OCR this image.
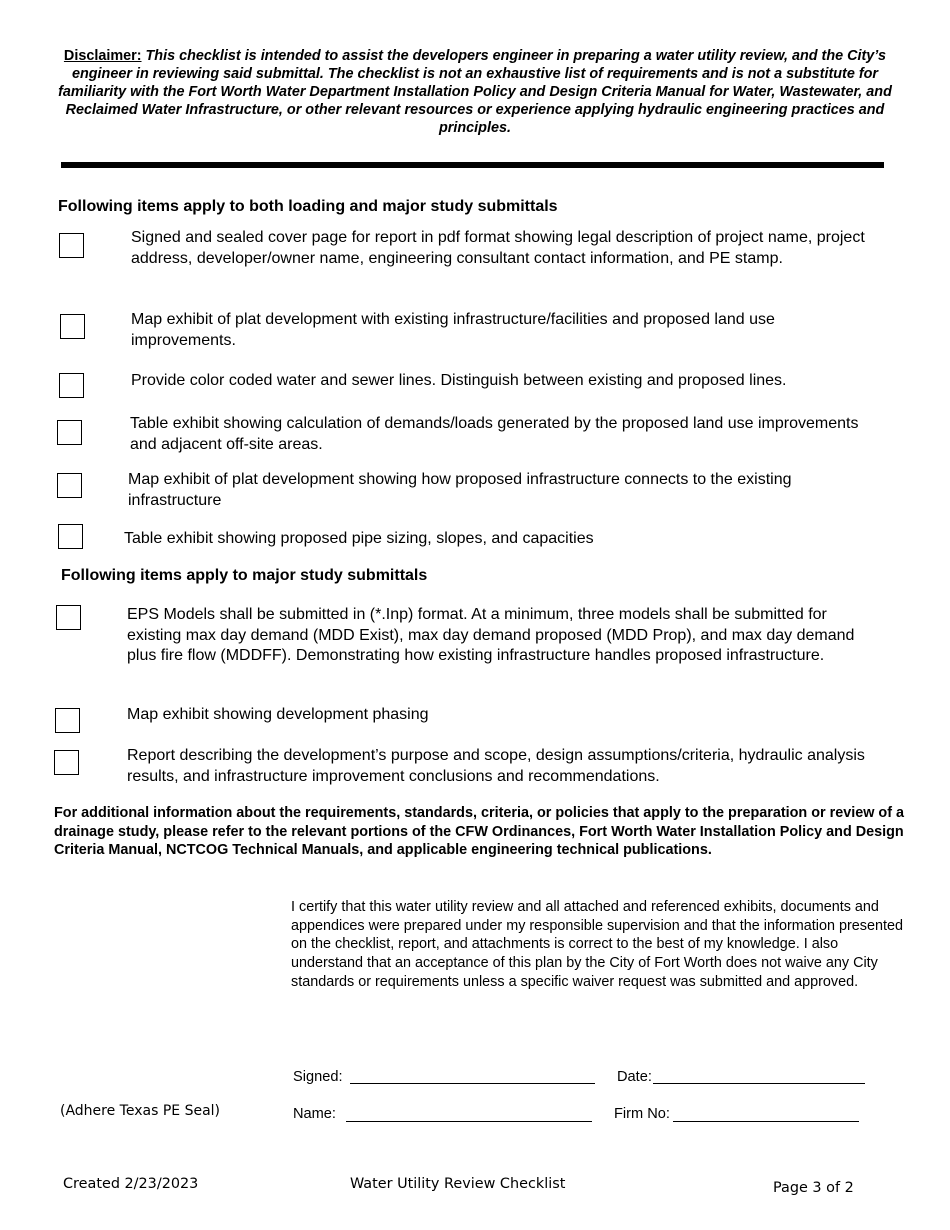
Disclaimer: This checklist is intended to assist the developers engineer in preparing a water utility review, and the City’s engineer in reviewing said submittal. The checklist is not an exhaustive list of requirements and is not a substitute for familiarity with the Fort Worth Water Department Installation Policy and Design Criteria Manual for Water, Wastewater, and Reclaimed Water Infrastructure, or other relevant resources or experience applying hydraulic engineering practices and principles.
Following items apply to both loading and major study submittals
Signed and sealed cover page for report in pdf format showing legal description of project name, project address, developer/owner name, engineering consultant contact information, and PE stamp.
Map exhibit of plat development with existing infrastructure/facilities and proposed land use improvements.
Provide color coded water and sewer lines. Distinguish between existing and proposed lines.
Table exhibit showing calculation of demands/loads generated by the proposed land use improvements and adjacent off-site areas.
Map exhibit of plat development showing how proposed infrastructure connects to the existing infrastructure
Table exhibit showing proposed pipe sizing, slopes, and capacities
Following items apply to major study submittals
EPS Models shall be submitted in (*.Inp) format. At a minimum, three models shall be submitted for existing max day demand (MDD Exist), max day demand proposed (MDD Prop), and max day demand plus fire flow (MDDFF). Demonstrating how existing infrastructure handles proposed infrastructure.
Map exhibit showing development phasing
Report describing the development’s purpose and scope, design assumptions/criteria, hydraulic analysis results, and infrastructure improvement conclusions and recommendations.
For additional information about the requirements, standards, criteria, or policies that apply to the preparation or review of a drainage study, please refer to the relevant portions of the CFW Ordinances, Fort Worth Water Installation Policy and Design Criteria Manual, NCTCOG Technical Manuals, and applicable engineering technical publications.
I certify that this water utility review and all attached and referenced exhibits, documents and appendices were prepared under my responsible supervision and that the information presented on the checklist, report, and attachments is correct to the best of my knowledge. I also understand that an acceptance of this plan by the City of Fort Worth does not waive any City standards or requirements unless a specific waiver request was submitted and approved.
Signed:	Date:
Name:	Firm No:
(Adhere Texas PE Seal)
Created 2/23/2023	Water Utility Review Checklist	Page 3 of 2
